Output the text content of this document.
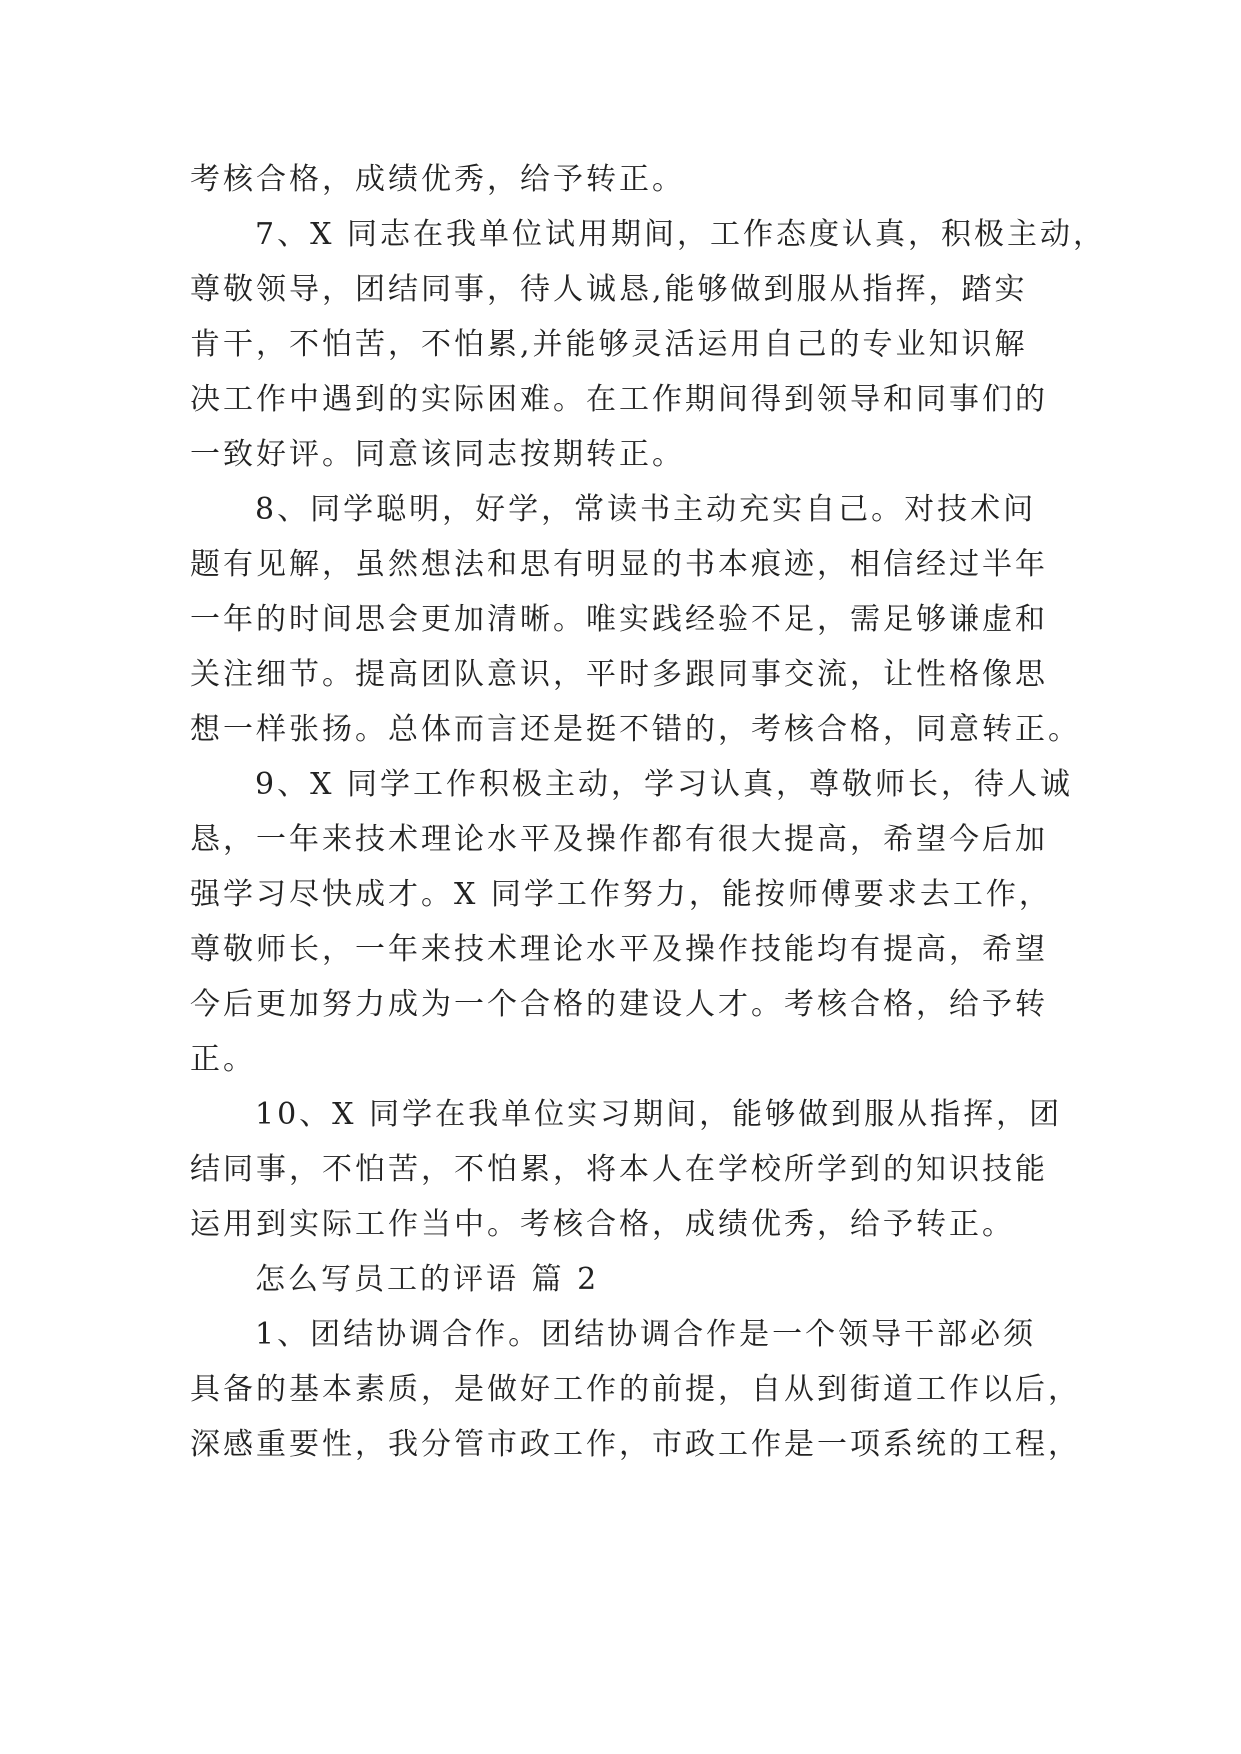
考核合格，成绩优秀，给予转正。
7、X 同志在我单位试用期间，工作态度认真，积极主动，
尊敬领导，团结同事，待人诚恳,能够做到服从指挥，踏实
肯干，不怕苦，不怕累,并能够灵活运用自己的专业知识解
决工作中遇到的实际困难。在工作期间得到领导和同事们的
一致好评。同意该同志按期转正。
8、同学聪明，好学，常读书主动充实自己。对技术问
题有见解，虽然想法和思有明显的书本痕迹，相信经过半年
一年的时间思会更加清晰。唯实践经验不足，需足够谦虚和
关注细节。提高团队意识，平时多跟同事交流，让性格像思
想一样张扬。总体而言还是挺不错的，考核合格，同意转正。
9、X 同学工作积极主动，学习认真，尊敬师长，待人诚
恳，一年来技术理论水平及操作都有很大提高，希望今后加
强学习尽快成才。X 同学工作努力，能按师傅要求去工作，
尊敬师长，一年来技术理论水平及操作技能均有提高，希望
今后更加努力成为一个合格的建设人才。考核合格，给予转
正。
10、X 同学在我单位实习期间，能够做到服从指挥，团
结同事，不怕苦，不怕累，将本人在学校所学到的知识技能
运用到实际工作当中。考核合格，成绩优秀，给予转正。
怎么写员工的评语 篇 2
1、团结协调合作。团结协调合作是一个领导干部必须
具备的基本素质，是做好工作的前提，自从到街道工作以后，
深感重要性，我分管市政工作，市政工作是一项系统的工程，
